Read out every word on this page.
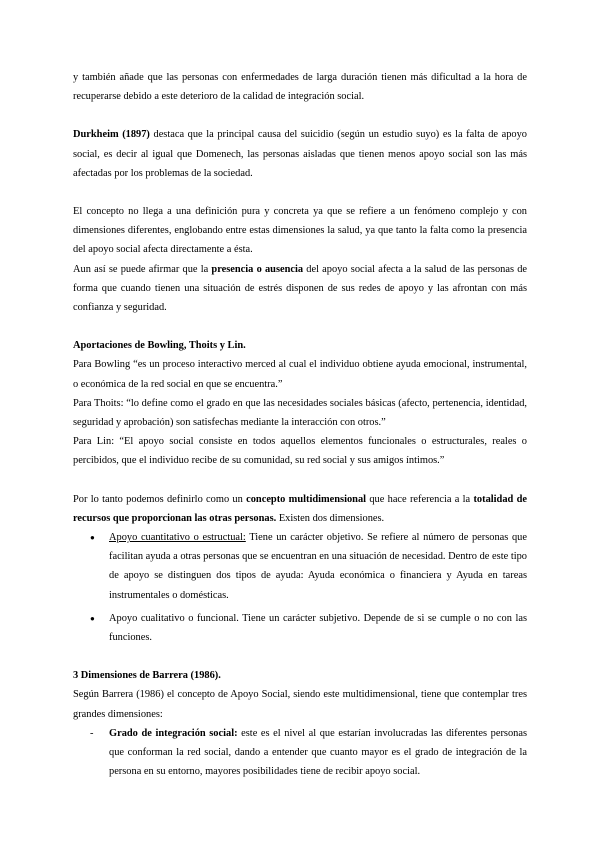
y también añade que las personas con enfermedades de larga duración tienen más dificultad a la hora de recuperarse debido a este deterioro de la calidad de integración social.

Durkheim (1897) destaca que la principal causa del suicidio (según un estudio suyo) es la falta de apoyo social, es decir al igual que Domenech, las personas aisladas que tienen menos apoyo social son las más afectadas por los problemas de la sociedad.

El concepto no llega a una definición pura y concreta ya que se refiere a un fenómeno complejo y con dimensiones diferentes, englobando entre estas dimensiones la salud, ya que tanto la falta como la presencia del apoyo social afecta directamente a ésta.

Aun así se puede afirmar que la presencia o ausencia del apoyo social afecta a la salud de las personas de forma que cuando tienen una situación de estrés disponen de sus redes de apoyo y las afrontan con más confianza y seguridad.

Aportaciones de Bowling, Thoits y Lin.

Para Bowling “es un proceso interactivo merced al cual el individuo obtiene ayuda emocional, instrumental, o económica de la red social en que se encuentra.”

Para Thoits: “lo define como el grado en que las necesidades sociales básicas (afecto, pertenencia, identidad, seguridad y aprobación) son satisfechas mediante la interacción con otros.”

Para Lin: “El apoyo social consiste en todos aquellos elementos funcionales o estructurales, reales o percibidos, que el individuo recibe de su comunidad, su red social y sus amigos íntimos.”

Por lo tanto podemos definirlo como un concepto multidimensional que hace referencia a la totalidad de recursos que proporcionan las otras personas. Existen dos dimensiones.

● Apoyo cuantitativo o estructual: Tiene un carácter objetivo. Se refiere al número de personas que facilitan ayuda a otras personas que se encuentran en una situación de necesidad. Dentro de este tipo de apoyo se distinguen dos tipos de ayuda: Ayuda económica o financiera y Ayuda en tareas instrumentales o domésticas.
● Apoyo cualitativo o funcional. Tiene un carácter subjetivo. Depende de si se cumple o no con las funciones.

3 Dimensiones de Barrera (1986).

Según Barrera (1986) el concepto de Apoyo Social, siendo este multidimensional, tiene que contemplar tres grandes dimensiones:

- Grado de integración social: este es el nivel al que estarían involucradas las diferentes personas que conforman la red social, dando a entender que cuanto mayor es el grado de integración de la persona en su entorno, mayores posibilidades tiene de recibir apoyo social.
